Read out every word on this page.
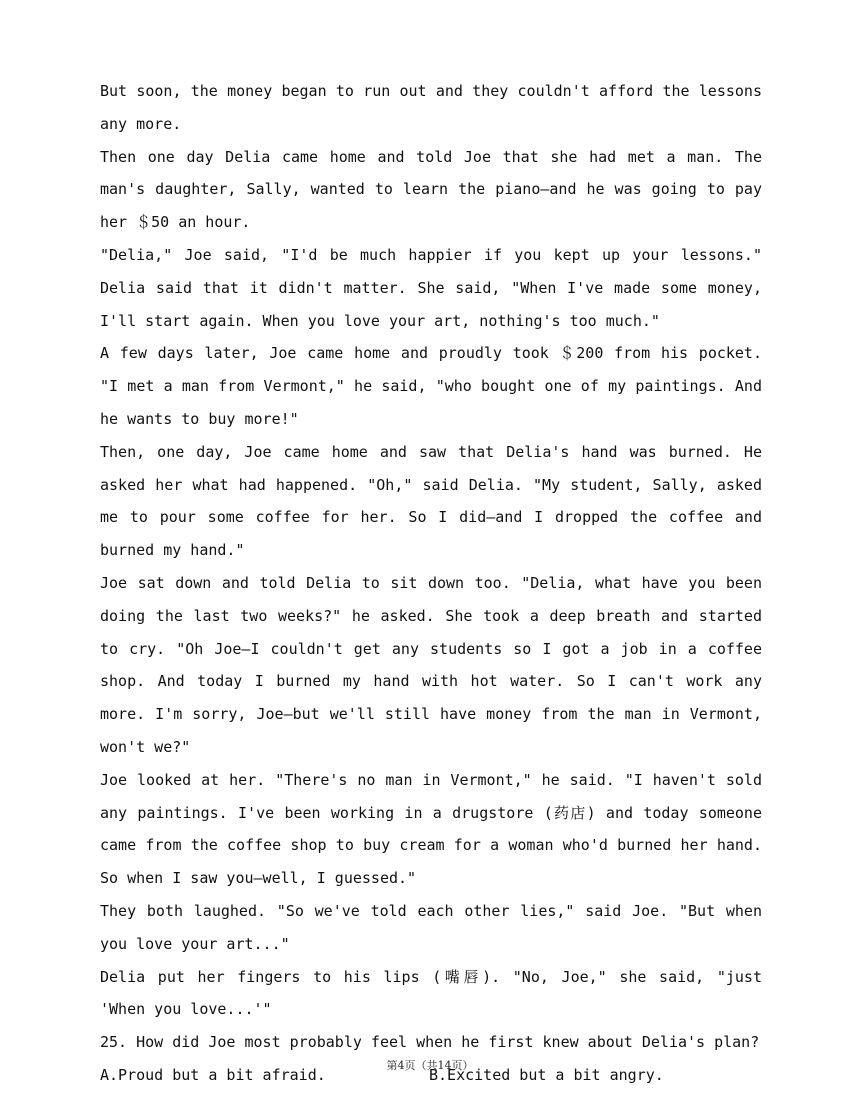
But soon, the money began to run out and they couldn't afford the lessons any more.

Then one day Delia came home and told Joe that she had met a man. The man's daughter, Sally, wanted to learn the piano—and he was going to pay her ＄50 an hour.

"Delia," Joe said, "I'd be much happier if you kept up your lessons." Delia said that it didn't matter. She said, "When I've made some money, I'll start again. When you love your art, nothing's too much."

A few days later, Joe came home and proudly took ＄200 from his pocket. "I met a man from Vermont," he said, "who bought one of my paintings. And he wants to buy more!"

Then, one day, Joe came home and saw that Delia's hand was burned. He asked her what had happened. "Oh," said Delia. "My student, Sally, asked me to pour some coffee for her. So I did—and I dropped the coffee and burned my hand."

Joe sat down and told Delia to sit down too. "Delia, what have you been doing the last two weeks?" he asked. She took a deep breath and started to cry. "Oh Joe—I couldn't get any students so I got a job in a coffee shop. And today I burned my hand with hot water. So I can't work any more. I'm sorry, Joe—but we'll still have money from the man in Vermont, won't we?"

Joe looked at her. "There's no man in Vermont," he said. "I haven't sold any paintings. I've been working in a drugstore (药店) and today someone came from the coffee shop to buy cream for a woman who'd burned her hand. So when I saw you—well, I guessed."

They both laughed. "So we've told each other lies," said Joe. "But when you love your art..."

Delia put her fingers to his lips (嘴唇). "No, Joe," she said, "just 'When you love...'"

25. How did Joe most probably feel when he first knew about Delia's plan?

A.Proud but a bit afraid.	B.Excited but a bit angry.
第4页（共14页）
